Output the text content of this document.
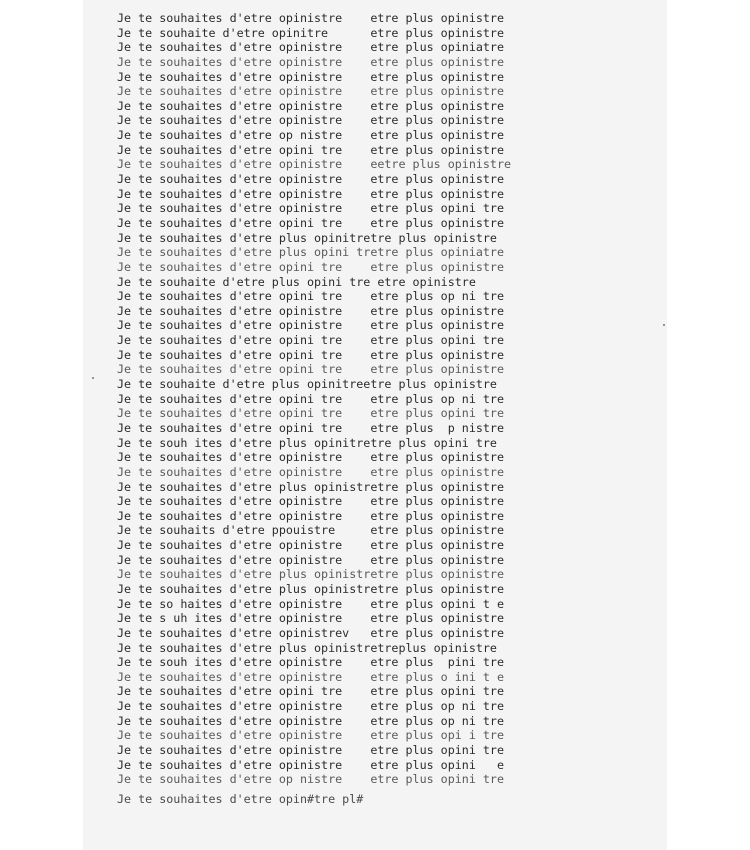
Je te souhaites d'etre opinistre    etre plus opinistre
Je te souhaite d'etre opinitre      etre plus opinistre
Je te souhaites d'etre opinistre    etre plus opiniatre
Je te souhaites d'etre opinistre    etre plus opinistre
Je te souhaites d'etre opinistre    etre plus opinistre
Je te souhaites d'etre opinistre    etre plus opinistre
Je te souhaites d'etre opinistre    etre plus opinistre
Je te souhaites d'etre opinistre    etre plus opinistre
Je te souhaites d'etre op nistre    etre plus opinistre
Je te souhaites d'etre opini tre    etre plus opinistre
Je te souhaites d'etre opinistre    eetre plus opinistre
Je te souhaites d'etre opinistre    etre plus opinistre
Je te souhaites d'etre opinistre    etre plus opinistre
Je te souhaites d'etre opinistre    etre plus opini tre
Je te souhaites d'etre opini tre    etre plus opinistre
Je te souhaites d'etre plus opinitretre plus opinistre
Je te souhaites d'etre plus opini tretre plus opiniatre
Je te souhaites d'etre opini tre    etre plus opinistre
Je te souhaite d'etre plus opini tre etre opinistre
Je te souhaites d'etre opini tre    etre plus op ni tre
Je te souhaites d'etre opinistre    etre plus opinistre
Je te souhaites d'etre opinistre    etre plus opinistre
Je te souhaites d'etre opini tre    etre plus opini tre
Je te souhaites d'etre opini tre    etre plus opinistre
Je te souhaites d'etre opini tre    etre plus opinistre
Je te souhaite d'etre plus opinitreetre plus opinistre
Je te souhaites d'etre opini tre    etre plus op ni tre
Je te souhaites d'etre opini tre    etre plus opini tre
Je te souhaites d'etre opini tre    etre plus  p nistre
Je te souh ites d'etre plus opinitretre plus opini tre
Je te souhaites d'etre opinistre    etre plus opinistre
Je te souhaites d'etre opinistre    etre plus opinistre
Je te souhaites d'etre plus opinistretre plus opinistre
Je te souhaites d'etre opinistre    etre plus opinistre
Je te souhaites d'etre opinistre    etre plus opinistre
Je te souhaits d'etre ppouistre     etre plus opinistre
Je te souhaites d'etre opinistre    etre plus opinistre
Je te souhaites d'etre opinistre    etre plus opinistre
Je te souhaites d'etre plus opinistretre plus opinistre
Je te souhaites d'etre plus opinistretre plus opinistre
Je te so haites d'etre opinistre    etre plus opini t e
Je te s uh ites d'etre opinistre    etre plus opinistre
Je te souhaites d'etre opinistrev   etre plus opinistre
Je te souhaites d'etre plus opinistretreplus opinistre
Je te souh ites d'etre opinistre    etre plus  pini tre
Je te souhaites d'etre opinistre    etre plus o ini t e
Je te souhaites d'etre opini tre    etre plus opini tre
Je te souhaites d'etre opinistre    etre plus op ni tre
Je te souhaites d'etre opinistre    etre plus op ni tre
Je te souhaites d'etre opinistre    etre plus opi i tre
Je te souhaites d'etre opinistre    etre plus opini tre
Je te souhaites d'etre opinistre    etre plus opini   e
Je te souhaites d'etre op nistre    etre plus opini tre
Je te souhaites d'etre opin#tre pl#
